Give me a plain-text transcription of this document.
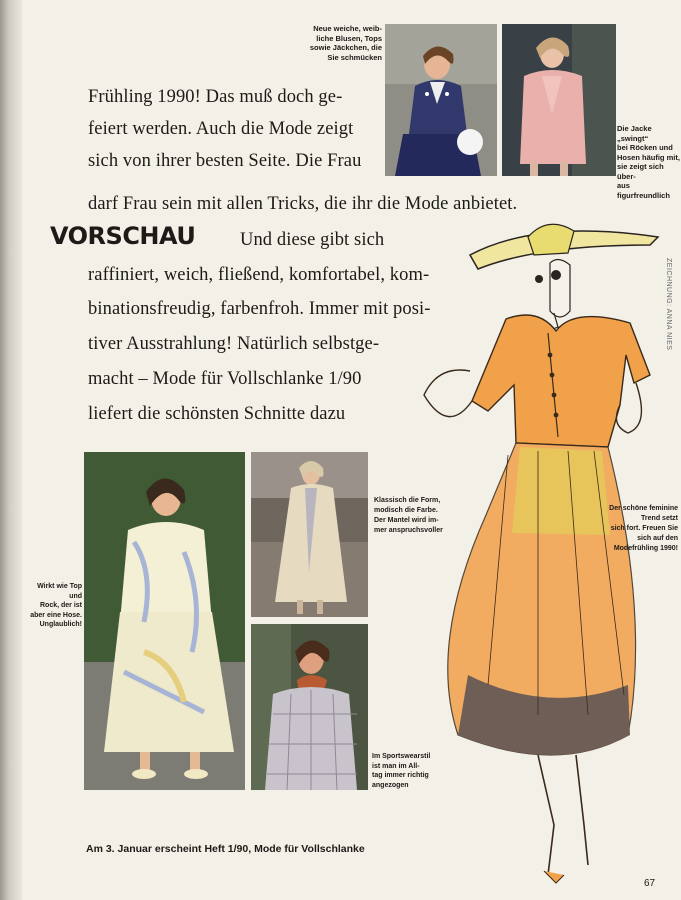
Neue weiche, weib-
liche Blusen, Tops
sowie Jäckchen, die
Sie schmücken
Die Jacke „swingt“
bei Röcken und
Hosen häufig mit,
sie zeigt sich über-
aus figurfreundlich
Frühling 1990! Das muß doch ge-
feiert werden. Auch die Mode zeigt
sich von ihrer besten Seite. Die Frau
darf Frau sein mit allen Tricks, die ihr die Mode anbietet.
VORSCHAU Und diese gibt sich
raffiniert, weich, fließend, komfortabel, kom-
binationsfreudig, farbenfroh. Immer mit posi-
tiver Ausstrahlung! Natürlich selbstge-
macht – Mode für Vollschlanke 1/90
liefert die schönsten Schnitte dazu
ZEICHNUNG: ANNA NIES
Wirkt wie Top und
Rock, der ist
aber eine Hose.
Unglaublich!
Klassisch die Form,
modisch die Farbe.
Der Mantel wird im-
mer anspruchsvoller
Im Sportswearstil
ist man im All-
tag immer richtig
angezogen
Der schöne feminine
Trend setzt
sich fort. Freuen Sie
sich auf den
Modefrühling 1990!
Am 3. Januar erscheint Heft 1/90, Mode für Vollschlanke
67
